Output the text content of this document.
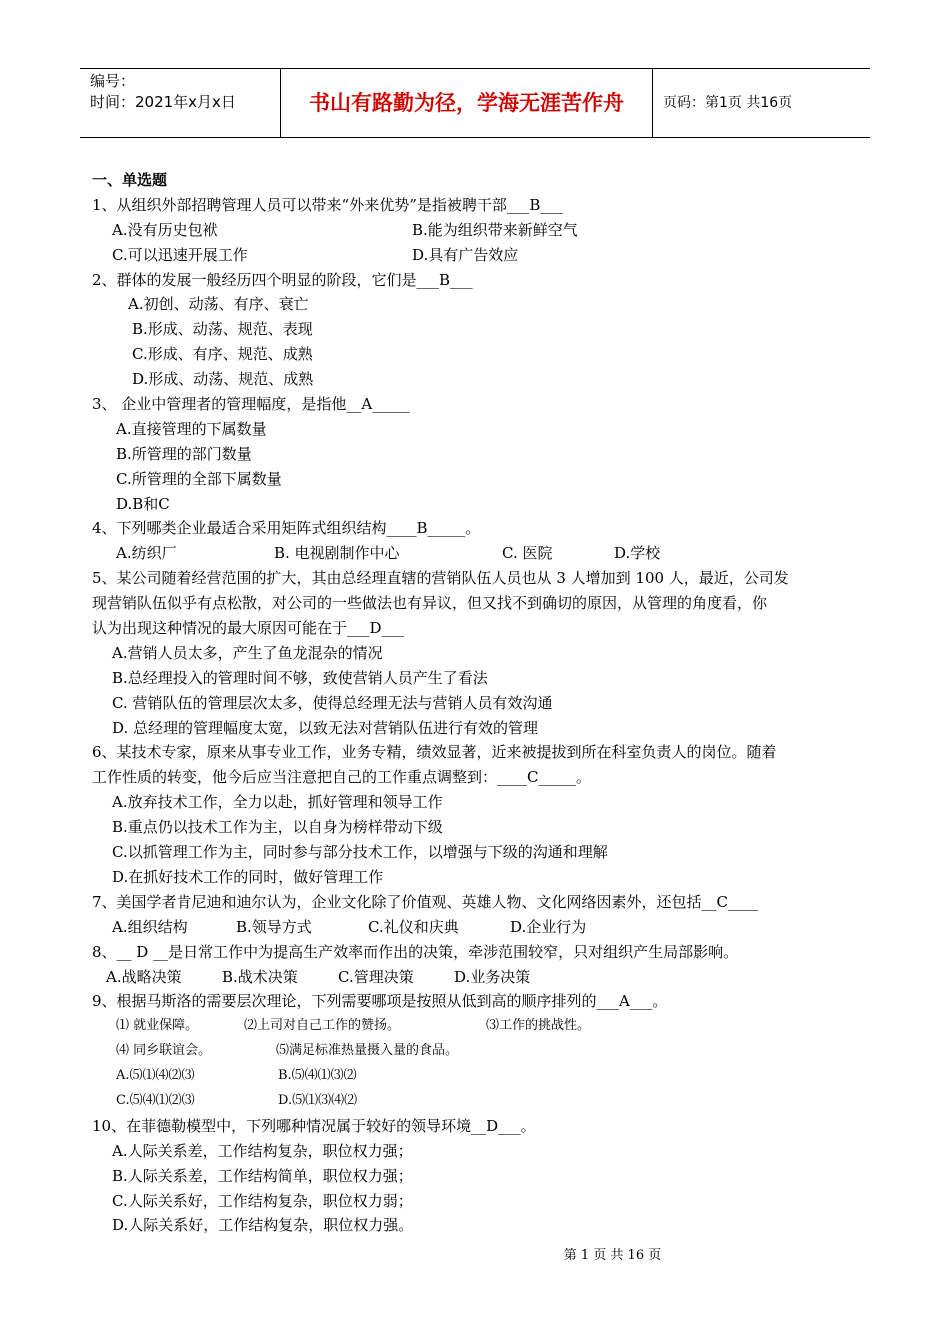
编号：
时间：2021年x月x日	书山有路勤为径，学海无涯苦作舟	页码：第1页 共16页
一、单选题
1、从组织外部招聘管理人员可以带来“外来优势”是指被聘干部___B___
A.没有历史包袱	B.能为组织带来新鲜空气
C.可以迅速开展工作	D.具有广告效应
2、群体的发展一般经历四个明显的阶段，它们是___B___
A.初创、动荡、有序、衰亡
B.形成、动荡、规范、表现
C.形成、有序、规范、成熟
D.形成、动荡、规范、成熟
3、 企业中管理者的管理幅度，是指他__A_____
A.直接管理的下属数量
B.所管理的部门数量
C.所管理的全部下属数量
D.B和C
4、下列哪类企业最适合采用矩阵式组织结构____B_____。
A.纺织厂	B. 电视剧制作中心	C. 医院	D.学校
5、某公司随着经营范围的扩大，其由总经理直辖的营销队伍人员也从 3 人增加到 100 人，最近，公司发
现营销队伍似乎有点松散，对公司的一些做法也有异议，但又找不到确切的原因，从管理的角度看，你
认为出现这种情况的最大原因可能在于___D___
A.营销人员太多，产生了鱼龙混杂的情况
B.总经理投入的管理时间不够，致使营销人员产生了看法
C. 营销队伍的管理层次太多，使得总经理无法与营销人员有效沟通
D. 总经理的管理幅度太宽，以致无法对营销队伍进行有效的管理
6、某技术专家，原来从事专业工作，业务专精，绩效显著，近来被提拔到所在科室负责人的岗位。随着
工作性质的转变，他今后应当注意把自己的工作重点调整到：____C_____。
A.放弃技术工作，全力以赴，抓好管理和领导工作
B.重点仍以技术工作为主，以自身为榜样带动下级
C.以抓管理工作为主，同时参与部分技术工作，以增强与下级的沟通和理解
D.在抓好技术工作的同时，做好管理工作
7、美国学者肯尼迪和迪尔认为，企业文化除了价值观、英雄人物、文化网络因素外，还包括__C____
A.组织结构	B.领导方式	C.礼仪和庆典	D.企业行为
8、__ D __是日常工作中为提高生产效率而作出的决策，牵涉范围较窄，只对组织产生局部影响。
A.战略决策	B.战术决策	C.管理决策	D.业务决策
9、根据马斯洛的需要层次理论，下列需要哪项是按照从低到高的顺序排列的___A___。
⑴ 就业保障。	⑵上司对自己工作的赞扬。	⑶工作的挑战性。
⑷ 同乡联谊会。	⑸满足标准热量摄入量的食品。
A.⑸⑴⑷⑵⑶	B.⑸⑷⑴⑶⑵
C.⑸⑷⑴⑵⑶	D.⑸⑴⑶⑷⑵
10、在菲德勒模型中，下列哪种情况属于较好的领导环境__D___。
A.人际关系差，工作结构复杂，职位权力强；
B.人际关系差，工作结构简单，职位权力强；
C.人际关系好，工作结构复杂，职位权力弱；
D.人际关系好，工作结构复杂，职位权力强。
第 1 页 共 16 页
